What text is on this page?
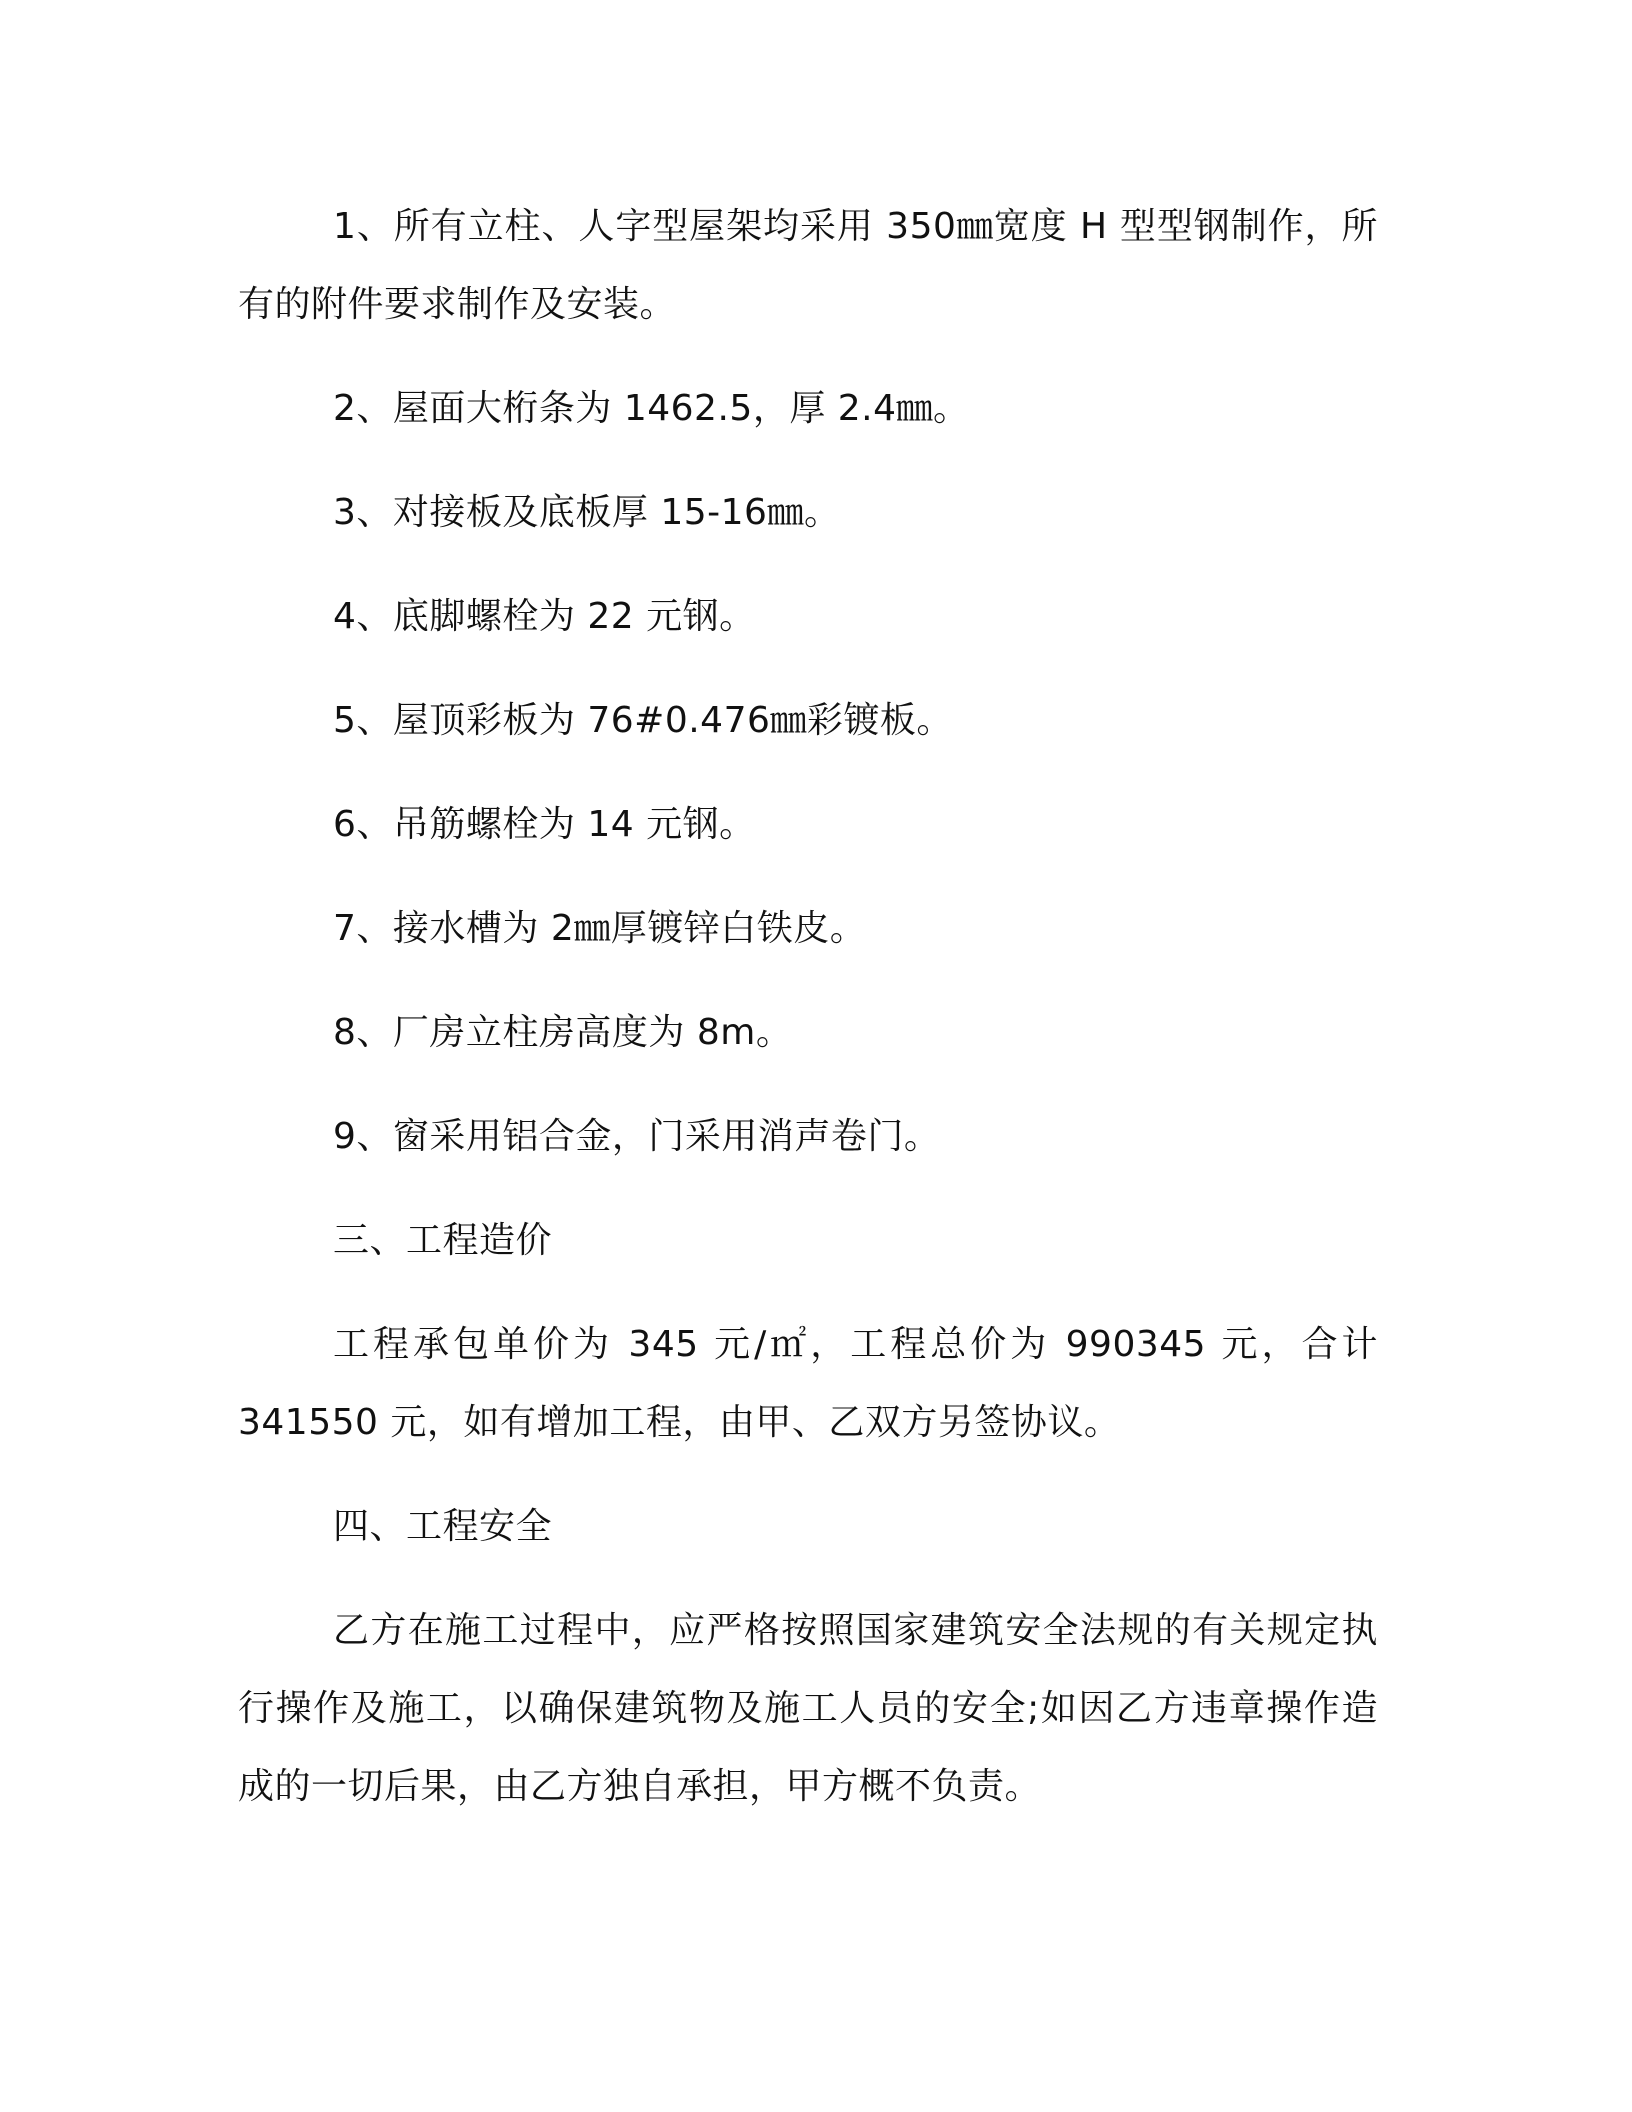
1、所有立柱、人字型屋架均采用 350㎜宽度 H 型型钢制作，所有的附件要求制作及安装。

2、屋面大桁条为 1462.5，厚 2.4㎜。

3、对接板及底板厚 15-16㎜。

4、底脚螺栓为 22 元钢。

5、屋顶彩板为 76#0.476㎜彩镀板。

6、吊筋螺栓为 14 元钢。

7、接水槽为 2㎜厚镀锌白铁皮。

8、厂房立柱房高度为 8m。

9、窗采用铝合金，门采用消声卷门。

三、工程造价

工程承包单价为 345 元/㎡，工程总价为 990345 元，合计 341550 元，如有增加工程，由甲、乙双方另签协议。

四、工程安全

乙方在施工过程中，应严格按照国家建筑安全法规的有关规定执行操作及施工，以确保建筑物及施工人员的安全;如因乙方违章操作造成的一切后果，由乙方独自承担，甲方概不负责。
